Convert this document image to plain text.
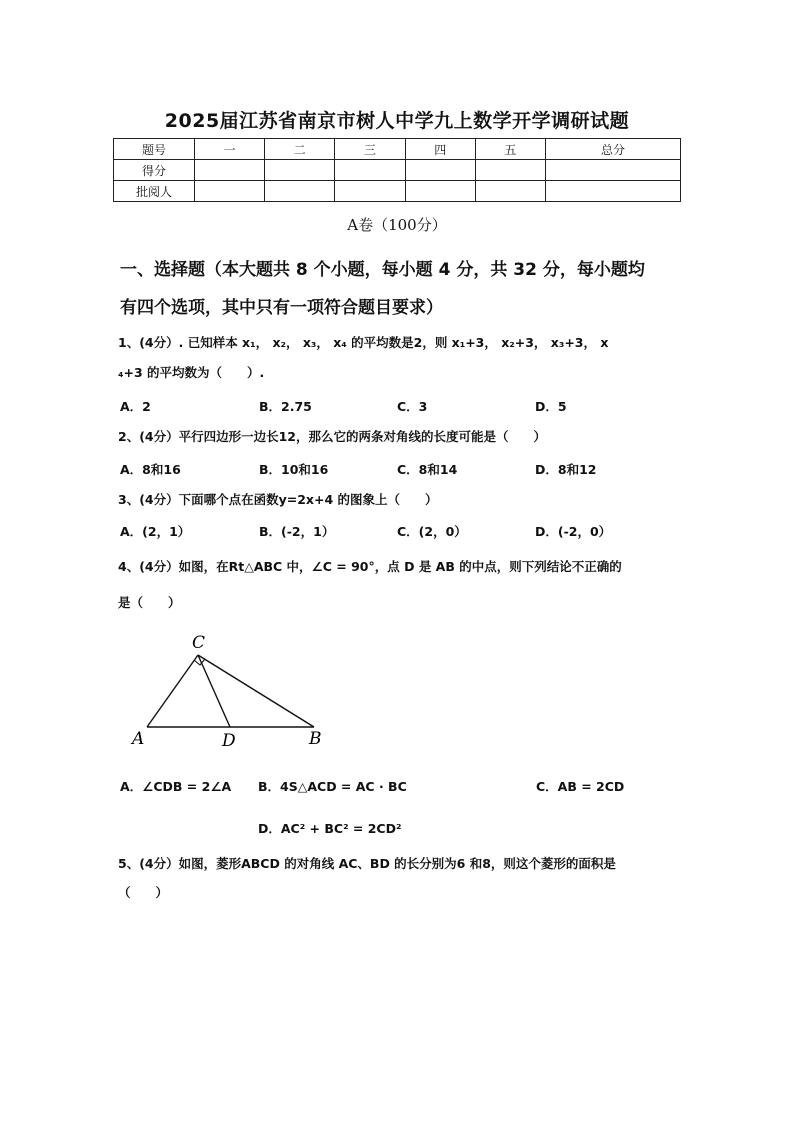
2025届江苏省南京市树人中学九上数学开学调研试题
题号	一	二	三	四	五	总分
得分						
批阅人						
A卷（100分）
一、选择题（本大题共 8 个小题，每小题 4 分，共 32 分，每小题均
有四个选项，其中只有一项符合题目要求）
1、(4分）. 已知样本 x₁， x₂， x₃， x₄ 的平均数是2，则 x₁+3， x₂+3， x₃+3， x
₄+3 的平均数为（　　）.
A．2	B．2.75	C．3	D．5
2、(4分）平行四边形一边长12，那么它的两条对角线的长度可能是（　　）
A．8和16	B．10和16	C．8和14	D．8和12
3、(4分）下面哪个点在函数y=2x+4 的图象上（　　）
A．(2，1）	B．(-2，1）	C．(2，0）	D．(-2，0）
4、(4分）如图，在Rt△ABC 中，∠C = 90°，点 D 是 AB 的中点，则下列结论不正确的
是（　　）
C
A	D	B
A．∠CDB = 2∠A B．4S△ACD = AC · BC	C．AB = 2CD
D．AC² + BC² = 2CD²
5、(4分）如图，菱形ABCD 的对角线 AC、BD 的长分别为6 和8，则这个菱形的面积是
（　　）
